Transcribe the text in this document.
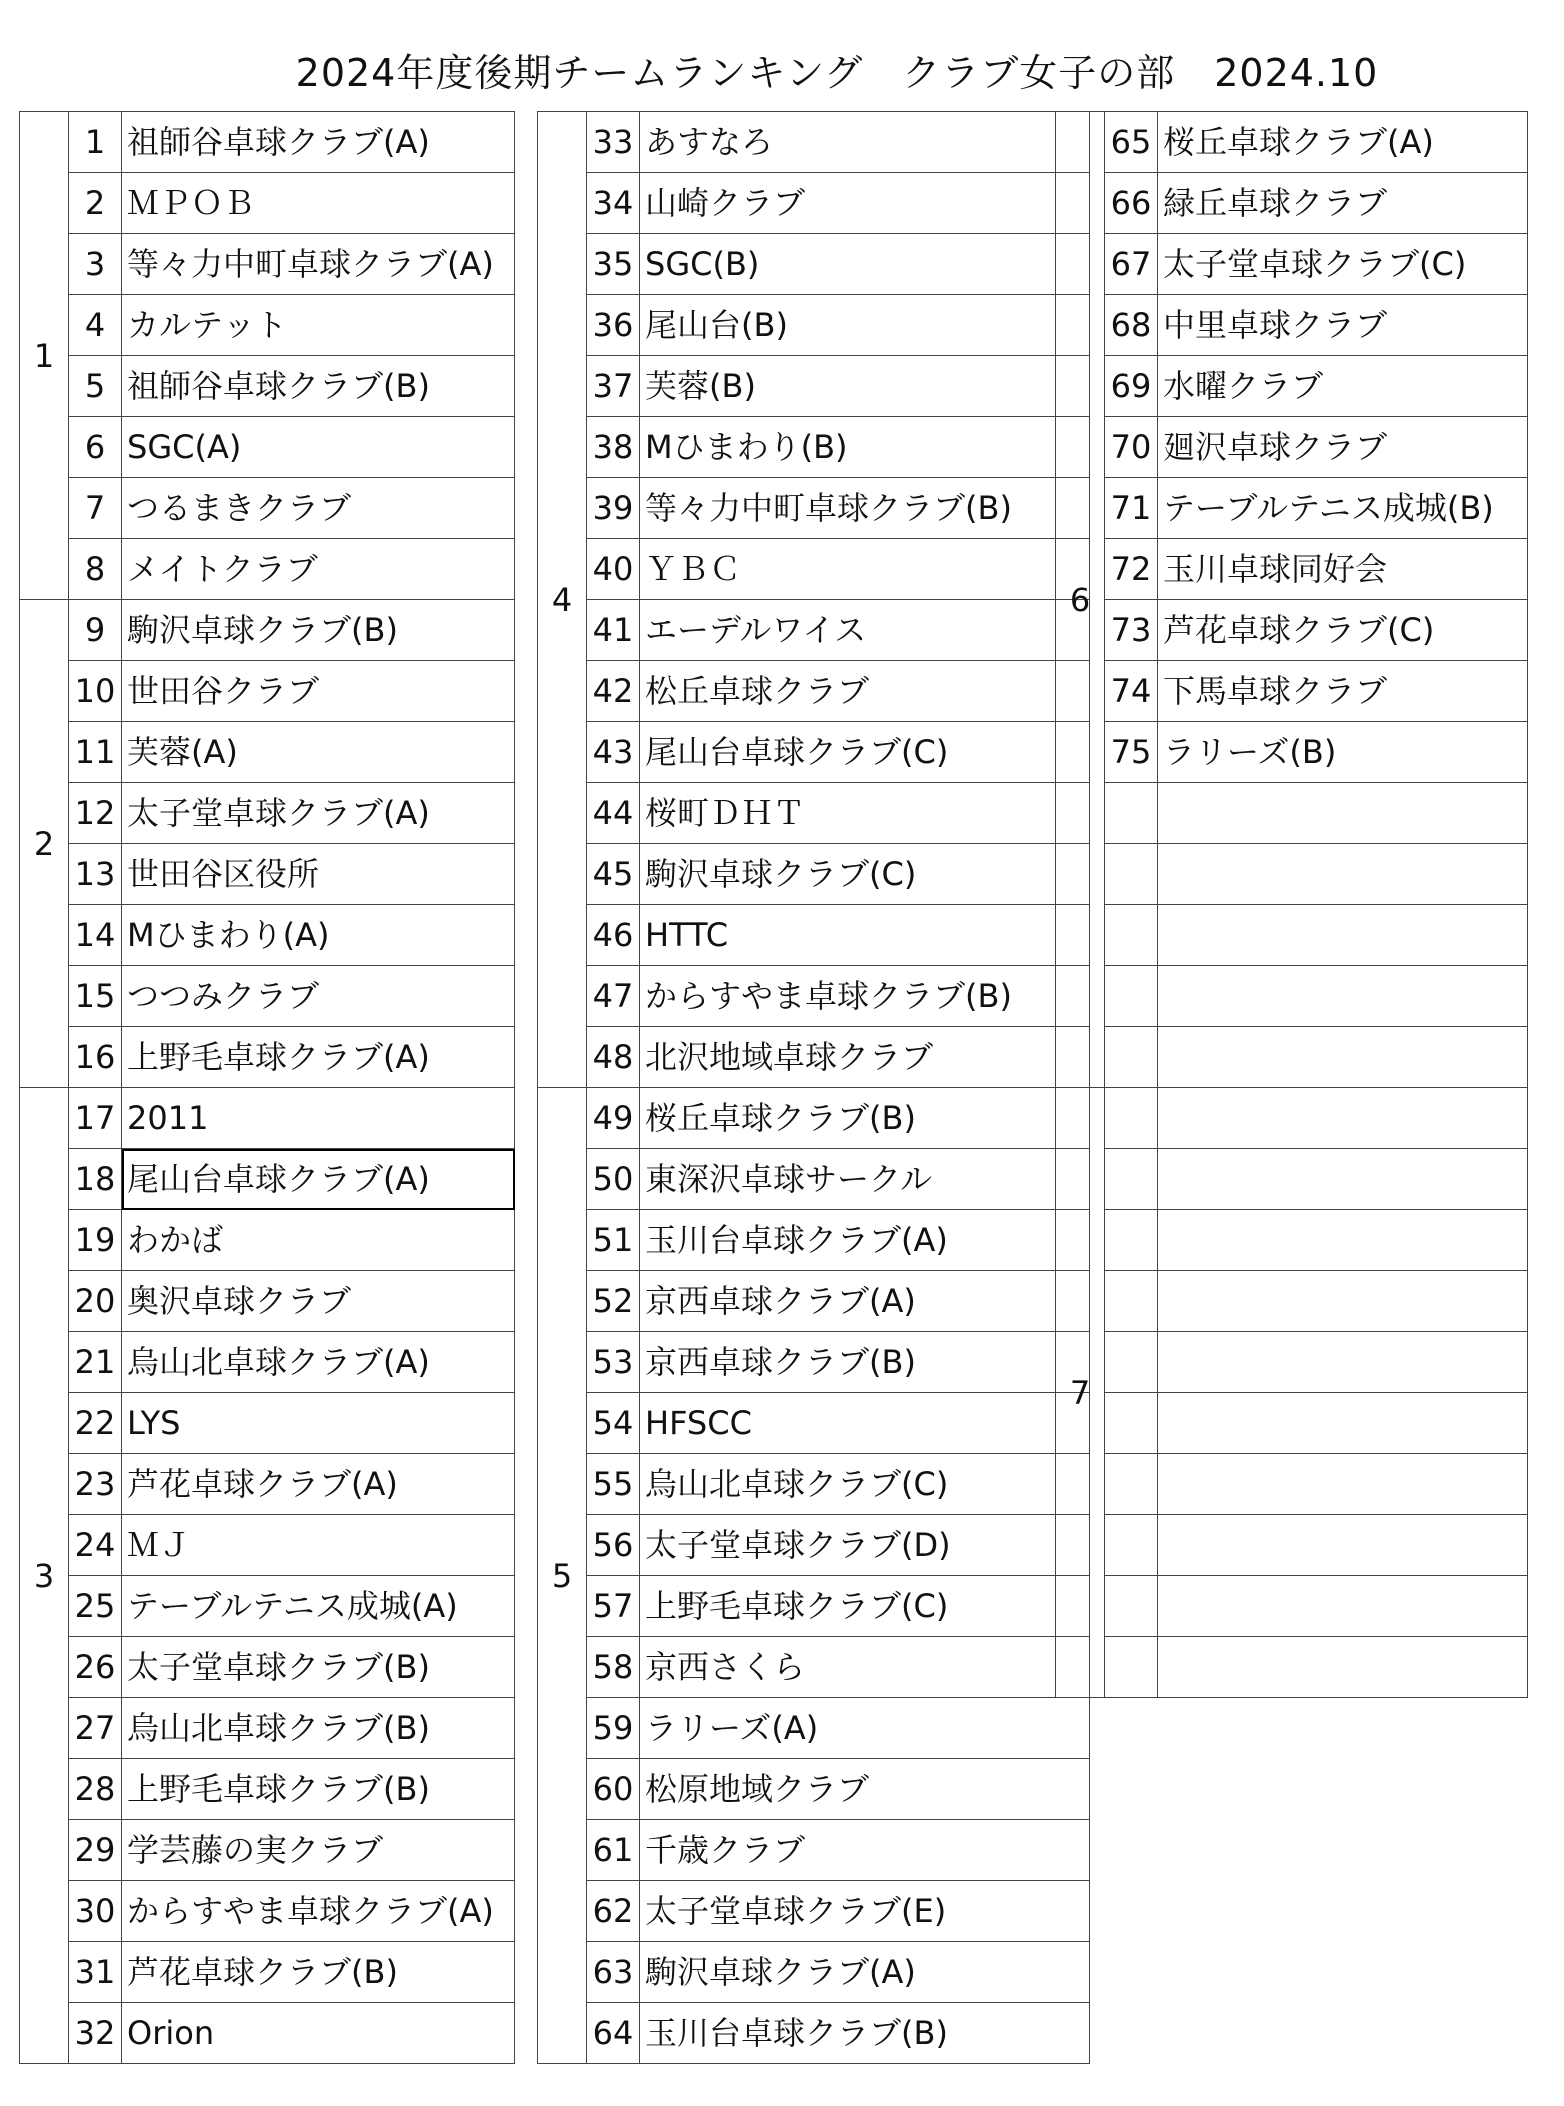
2024年度後期チームランキング　クラブ女子の部　2024.10
1	1	祖師谷卓球クラブ(A)
	2	ＭＰＯＢ
	3	等々力中町卓球クラブ(A)
	4	カルテット
	5	祖師谷卓球クラブ(B)
	6	SGC(A)
	7	つるまきクラブ
	8	メイトクラブ
2	9	駒沢卓球クラブ(B)
	10	世田谷クラブ
	11	芙蓉(A)
	12	太子堂卓球クラブ(A)
	13	世田谷区役所
	14	Mひまわり(A)
	15	つつみクラブ
	16	上野毛卓球クラブ(A)
3	17	2011
	18	尾山台卓球クラブ(A)
	19	わかば
	20	奥沢卓球クラブ
	21	烏山北卓球クラブ(A)
	22	LYS
	23	芦花卓球クラブ(A)
	24	ＭＪ
	25	テーブルテニス成城(A)
	26	太子堂卓球クラブ(B)
	27	烏山北卓球クラブ(B)
	28	上野毛卓球クラブ(B)
	29	学芸藤の実クラブ
	30	からすやま卓球クラブ(A)
	31	芦花卓球クラブ(B)
	32	Orion
4	33	あすなろ
	34	山崎クラブ
	35	SGC(B)
	36	尾山台(B)
	37	芙蓉(B)
	38	Mひまわり(B)
	39	等々力中町卓球クラブ(B)
	40	ＹＢＣ
	41	エーデルワイス
	42	松丘卓球クラブ
	43	尾山台卓球クラブ(C)
	44	桜町ＤＨＴ
	45	駒沢卓球クラブ(C)
	46	HTTC
	47	からすやま卓球クラブ(B)
	48	北沢地域卓球クラブ
5	49	桜丘卓球クラブ(B)
	50	東深沢卓球サークル
	51	玉川台卓球クラブ(A)
	52	京西卓球クラブ(A)
	53	京西卓球クラブ(B)
	54	HFSCC
	55	烏山北卓球クラブ(C)
	56	太子堂卓球クラブ(D)
	57	上野毛卓球クラブ(C)
	58	京西さくら
	59	ラリーズ(A)
	60	松原地域クラブ
	61	千歳クラブ
	62	太子堂卓球クラブ(E)
	63	駒沢卓球クラブ(A)
	64	玉川台卓球クラブ(B)
6	65	桜丘卓球クラブ(A)
	66	緑丘卓球クラブ
	67	太子堂卓球クラブ(C)
	68	中里卓球クラブ
	69	水曜クラブ
	70	廻沢卓球クラブ
	71	テーブルテニス成城(B)
	72	玉川卓球同好会
	73	芦花卓球クラブ(C)
	74	下馬卓球クラブ
	75	ラリーズ(B)

7		
